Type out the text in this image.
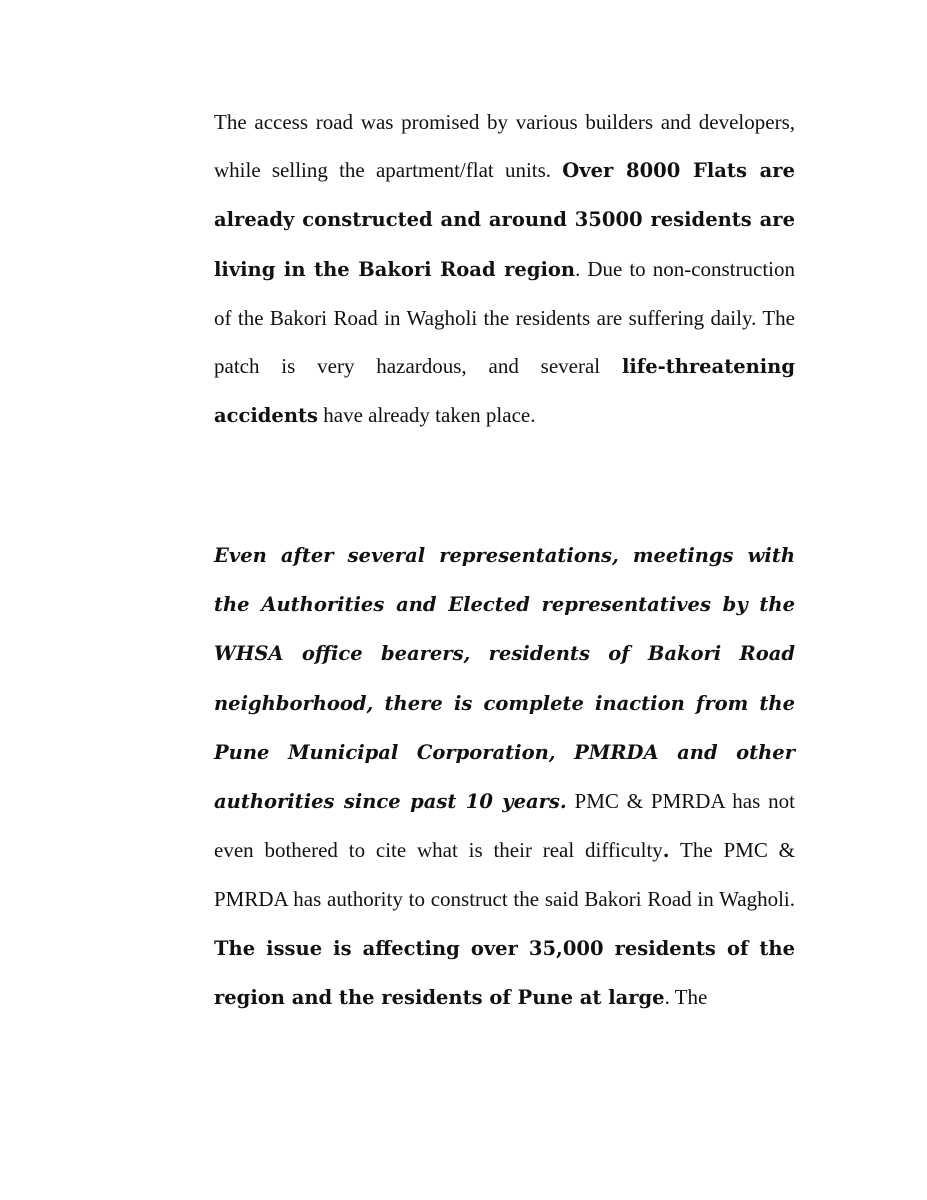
The access road was promised by various builders and developers, while selling the apartment/flat units. Over 8000 Flats are already constructed and around 35000 residents are living in the Bakori Road region. Due to non-construction of the Bakori Road in Wagholi the residents are suffering daily. The patch is very hazardous, and several life-threatening accidents have already taken place.

Even after several representations, meetings with the Authorities and Elected representatives by the WHSA office bearers, residents of Bakori Road neighborhood, there is complete inaction from the Pune Municipal Corporation, PMRDA and other authorities since past 10 years. PMC & PMRDA has not even bothered to cite what is their real difficulty. The PMC & PMRDA has authority to construct the said Bakori Road in Wagholi. The issue is affecting over 35,000 residents of the region and the residents of Pune at large. The
